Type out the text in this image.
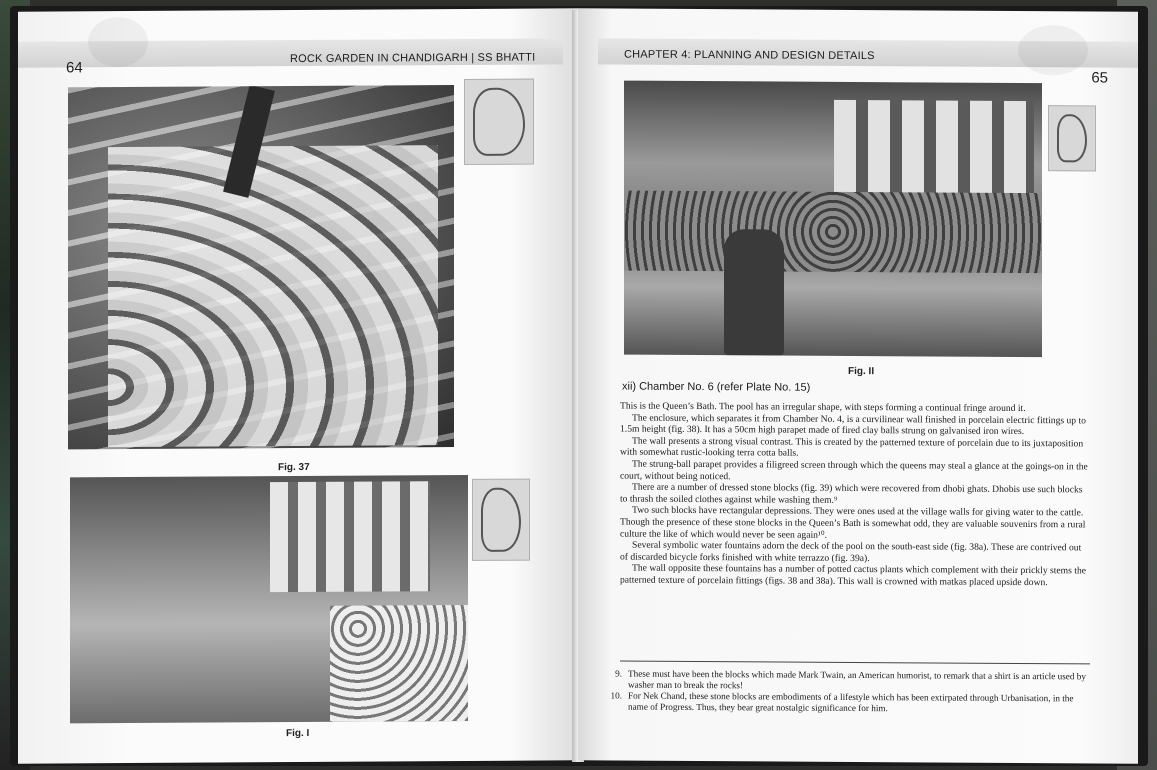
64
ROCK GARDEN IN CHANDIGARH | SS BHATTI
Fig. 37
Fig. I
CHAPTER 4: PLANNING AND DESIGN DETAILS
65
Fig. II
xii) Chamber No. 6 (refer Plate No. 15)

This is the Queen’s Bath. The pool has an irregular shape, with steps forming a continual fringe around it.

The enclosure, which separates it from Chamber No. 4, is a curvilinear wall finished in porcelain electric fittings up to 1.5m height (fig. 38). It has a 50cm high parapet made of fired clay balls strung on galvanised iron wires.

The wall presents a strong visual contrast. This is created by the patterned texture of porcelain due to its juxtaposition with somewhat rustic-looking terra cotta balls.

The strung-ball parapet provides a filigreed screen through which the queens may steal a glance at the goings-on in the court, without being noticed.

There are a number of dressed stone blocks (fig. 39) which were recovered from dhobi ghats. Dhobis use such blocks to thrash the soiled clothes against while washing them.⁹

Two such blocks have rectangular depressions. They were ones used at the village walls for giving water to the cattle. Though the presence of these stone blocks in the Queen’s Bath is somewhat odd, they are valuable souvenirs from a rural culture the like of which would never be seen again¹⁰.

Several symbolic water fountains adorn the deck of the pool on the south-east side (fig. 38a). These are contrived out of discarded bicycle forks finished with white terrazzo (fig. 39a).

The wall opposite these fountains has a number of potted cactus plants which complement with their prickly stems the patterned texture of porcelain fittings (figs. 38 and 38a). This wall is crowned with matkas placed upside down.

9. These must have been the blocks which made Mark Twain, an American humorist, to remark that a shirt is an article used by washer man to break the rocks!
10. For Nek Chand, these stone blocks are embodiments of a lifestyle which has been extirpated through Urbanisation, in the name of Progress. Thus, they bear great nostalgic significance for him.
